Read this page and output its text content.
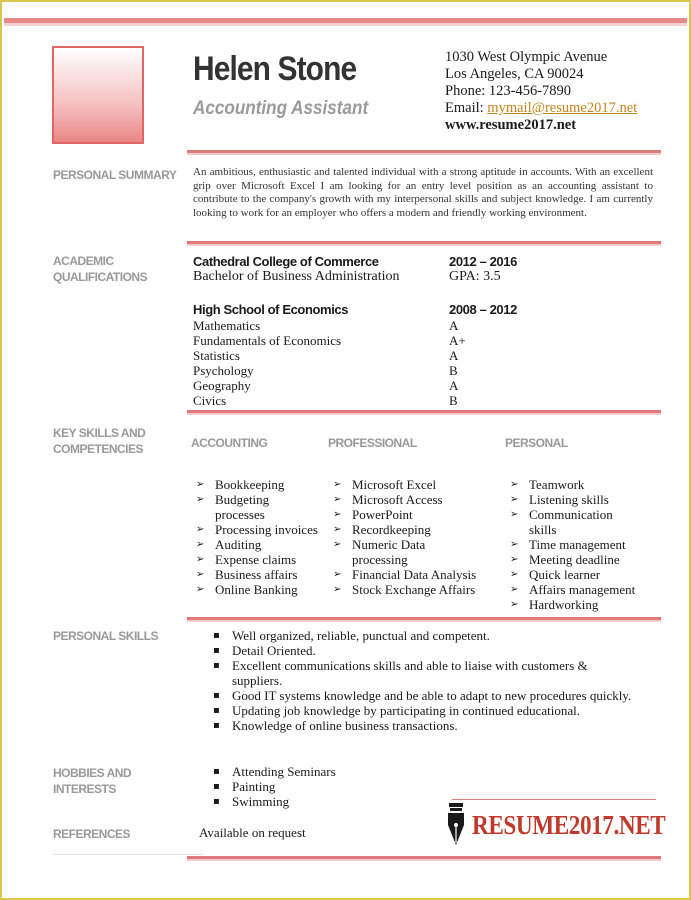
Helen Stone
Accounting Assistant
1030 West Olympic Avenue
Los Angeles, CA 90024
Phone: 123-456-7890
Email: mymail@resume2017.net
www.resume2017.net
PERSONAL SUMMARY An ambitious, enthusiastic and talented individual with a strong aptitude in accounts. With an excellent grip over Microsoft Excel I am looking for an entry level position as an accounting assistant to contribute to the company's growth with my interpersonal skills and subject knowledge. I am currently looking to work for an employer who offers a modern and friendly working environment.
ACADEMIC
QUALIFICATIONS
Cathedral College of Commerce	2012 – 2016
Bachelor of Business Administration	GPA: 3.5
High School of Economics	2008 – 2012
Mathematics	A
Fundamentals of Economics	A+
Statistics	A
Psychology	B
Geography	A
Civics	B
KEY SKILLS AND
COMPETENCIES	ACCOUNTING	PROFESSIONAL	PERSONAL
➢ Bookkeeping
➢ Budgeting processes
➢ Processing invoices
➢ Auditing
➢ Expense claims
➢ Business affairs
➢ Online Banking
➢ Microsoft Excel
➢ Microsoft Access
➢ PowerPoint
➢ Recordkeeping
➢ Numeric Data processing
➢ Financial Data Analysis
➢ Stock Exchange Affairs
➢ Teamwork
➢ Listening skills
➢ Communication skills
➢ Time management
➢ Meeting deadline
➢ Quick learner
➢ Affairs management
➢ Hardworking
PERSONAL SKILLS
▪	Well organized, reliable, punctual and competent.
▪ Detail Oriented.
▪ Excellent communications skills and able to liaise with customers & suppliers.
▪ Good IT systems knowledge and be able to adapt to new procedures quickly.
▪ Updating job knowledge by participating in continued educational.
▪ Knowledge of online business transactions.
HOBBIES AND
INTERESTS
▪ Attending Seminars
▪ Painting
▪ Swimming
RESUME2017.NET
REFERENCES	Available on request
